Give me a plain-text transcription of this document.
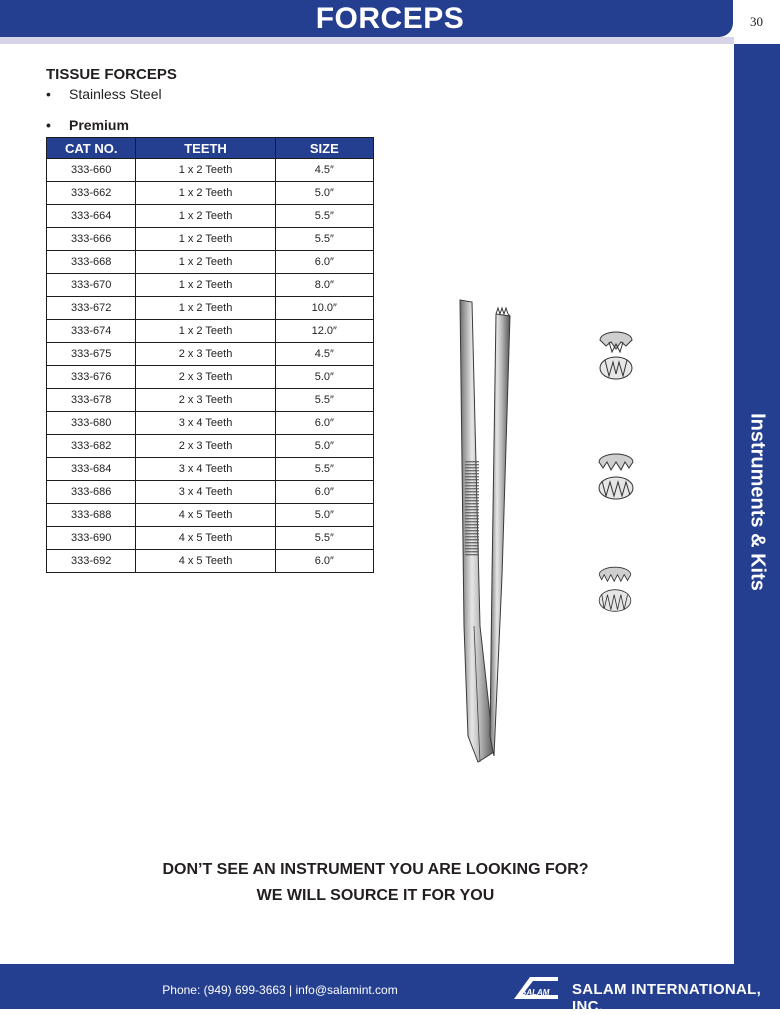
FORCEPS	30
Instruments & Kits
TISSUE FORCEPS
• Stainless Steel
• Premium
CAT NO.	TEETH	SIZE
333-660	1 x 2 Teeth	4.5″
333-662	1 x 2 Teeth	5.0″
333-664	1 x 2 Teeth	5.5″
333-666	1 x 2 Teeth	5.5″
333-668	1 x 2 Teeth	6.0″
333-670	1 x 2 Teeth	8.0″
333-672	1 x 2 Teeth	10.0″
333-674	1 x 2 Teeth	12.0″
333-675	2 x 3 Teeth	4.5″
333-676	2 x 3 Teeth	5.0″
333-678	2 x 3 Teeth	5.5″
333-680	3 x 4 Teeth	6.0″
333-682	2 x 3 Teeth	5.0″
333-684	3 x 4 Teeth	5.5″
333-686	3 x 4 Teeth	6.0″
333-688	4 x 5 Teeth	5.0″
333-690	4 x 5 Teeth	5.5″
333-692	4 x 5 Teeth	6.0″
DON’T SEE AN INSTRUMENT YOU ARE LOOKING FOR?
WE WILL SOURCE IT FOR YOU
Phone: (949) 699-3663 | info@salamint.com	SALAM SALAM INTERNATIONAL, INC.
